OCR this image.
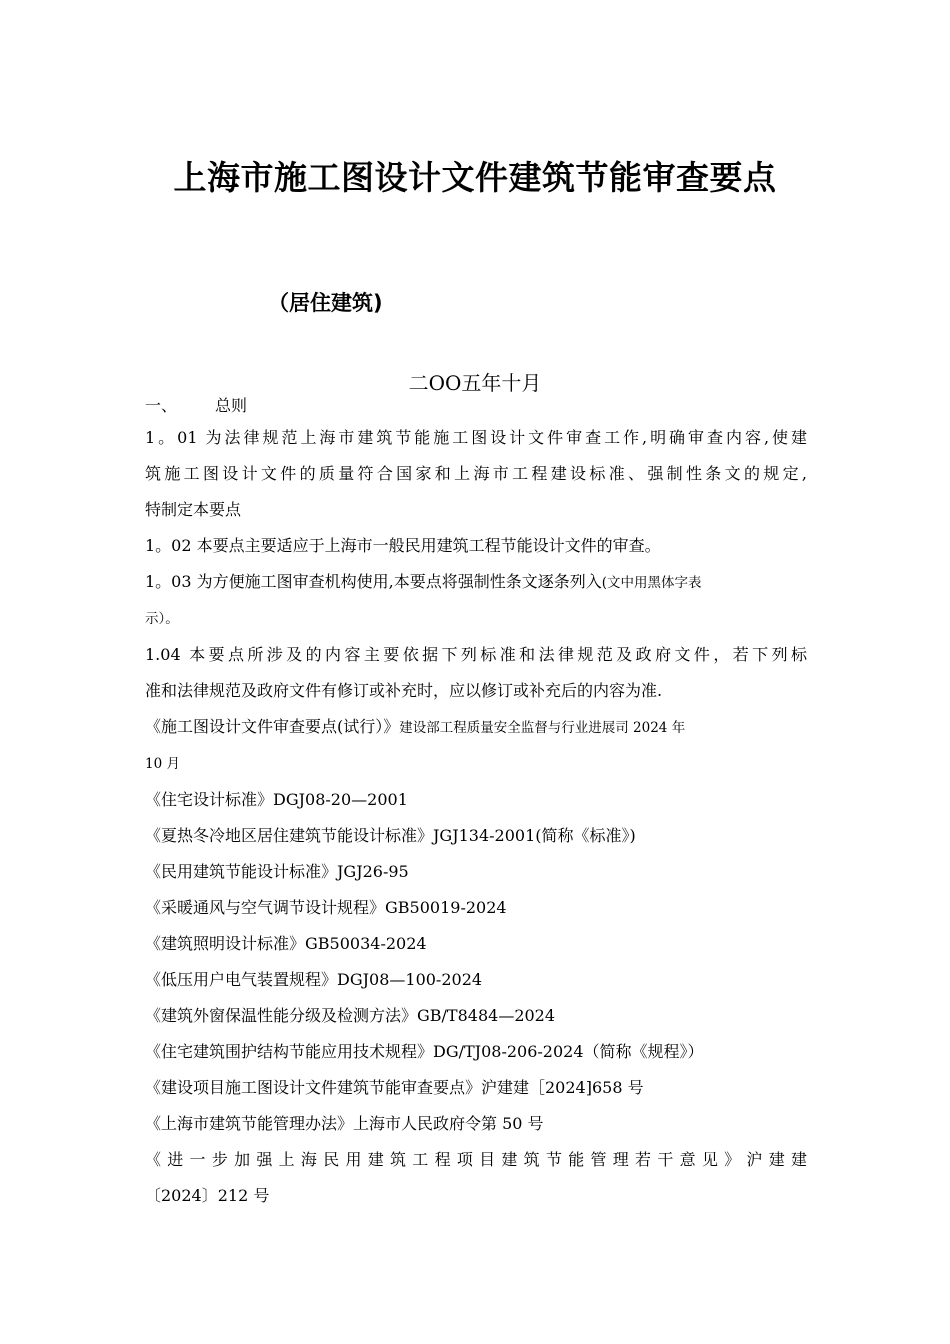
上海市施工图设计文件建筑节能审查要点
（居住建筑)
二OO五年十月

一、 总则

1。01 为法律规范上海市建筑节能施工图设计文件审查工作,明确审查内容,使建

筑施工图设计文件的质量符合国家和上海市工程建设标准、强制性条文的规定,

特制定本要点

1。02 本要点主要适应于上海市一般民用建筑工程节能设计文件的审查。

1。03 为方便施工图审查机构使用,本要点将强制性条文逐条列入(文中用黑体字表

示）。

1.04 本要点所涉及的内容主要依据下列标准和法律规范及政府文件，若下列标

准和法律规范及政府文件有修订或补充时，应以修订或补充后的内容为准.

《施工图设计文件审查要点(试行）》建设部工程质量安全监督与行业进展司 2024 年

10 月

《住宅设计标准》DGJ08-20—2001

《夏热冬冷地区居住建筑节能设计标准》JGJ134-2001(简称《标准》)

《民用建筑节能设计标准》JGJ26-95

《采暖通风与空气调节设计规程》GB50019-2024

《建筑照明设计标准》GB50034-2024

《低压用户电气装置规程》DGJ08—100-2024

《建筑外窗保温性能分级及检测方法》GB/T8484—2024

《住宅建筑围护结构节能应用技术规程》DG/TJ08-206-2024（简称《规程》）

《建设项目施工图设计文件建筑节能审查要点》沪建建［2024]658 号

《上海市建筑节能管理办法》上海市人民政府令第 50 号

《进一步加强上海民用建筑工程项目建筑节能管理若干意见》沪建建

〔2024〕212 号
